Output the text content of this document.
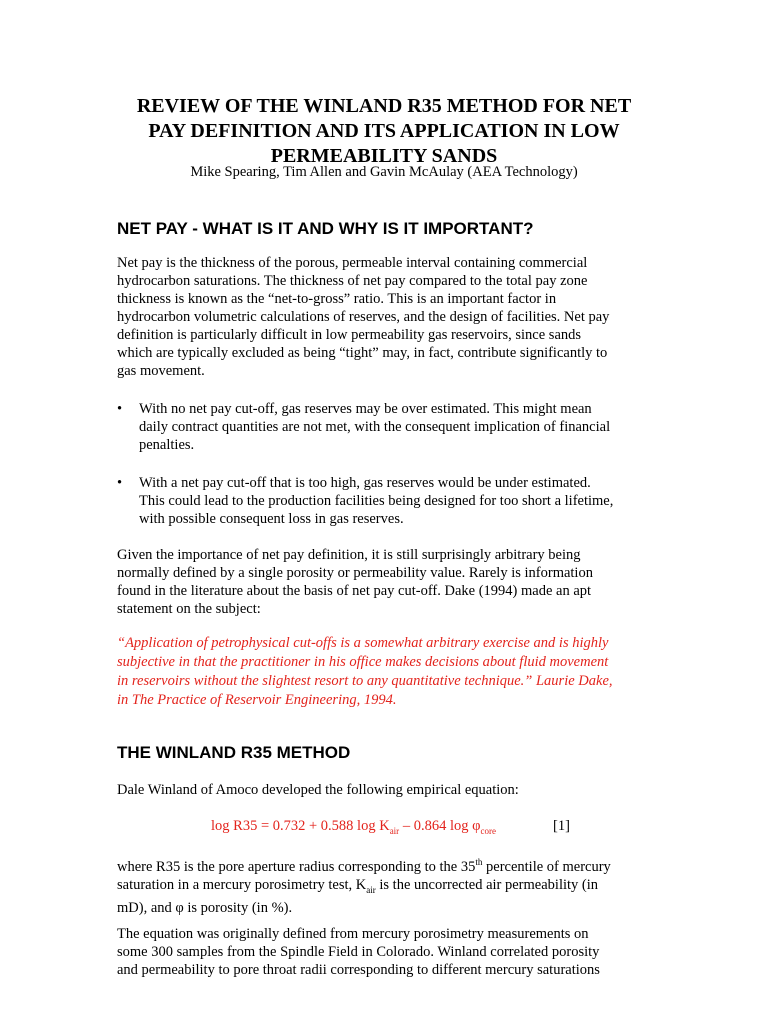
REVIEW OF THE WINLAND R35 METHOD FOR NET
PAY DEFINITION AND ITS APPLICATION IN LOW
PERMEABILITY SANDS
Mike Spearing, Tim Allen and Gavin McAulay (AEA Technology)
NET PAY - WHAT IS IT AND WHY IS IT IMPORTANT?
Net pay is the thickness of the porous, permeable interval containing commercial
hydrocarbon saturations. The thickness of net pay compared to the total pay zone
thickness is known as the “net-to-gross” ratio. This is an important factor in
hydrocarbon volumetric calculations of reserves, and the design of facilities. Net pay
definition is particularly difficult in low permeability gas reservoirs, since sands
which are typically excluded as being “tight” may, in fact, contribute significantly to
gas movement.
• With no net pay cut-off, gas reserves may be over estimated. This might mean
daily contract quantities are not met, with the consequent implication of financial
penalties.
• With a net pay cut-off that is too high, gas reserves would be under estimated.
This could lead to the production facilities being designed for too short a lifetime,
with possible consequent loss in gas reserves.
Given the importance of net pay definition, it is still surprisingly arbitrary being
normally defined by a single porosity or permeability value. Rarely is information
found in the literature about the basis of net pay cut-off. Dake (1994) made an apt
statement on the subject:
“Application of petrophysical cut-offs is a somewhat arbitrary exercise and is highly
subjective in that the practitioner in his office makes decisions about fluid movement
in reservoirs without the slightest resort to any quantitative technique.” Laurie Dake,
in The Practice of Reservoir Engineering, 1994.
THE WINLAND R35 METHOD
Dale Winland of Amoco developed the following empirical equation:
log R35 = 0.732 + 0.588 $\log K_{air} - 0.864$ $\log \varphi_{core}$	[1]
where R35 is the pore aperture radius corresponding to the 35th percentile of mercury
saturation in a mercury porosimetry test, $K_{air}$ is the uncorrected air permeability (in
mD), and φ is porosity (in %).
The equation was originally defined from mercury porosimetry measurements on
some 300 samples from the Spindle Field in Colorado. Winland correlated porosity
and permeability to pore throat radii corresponding to different mercury saturations
